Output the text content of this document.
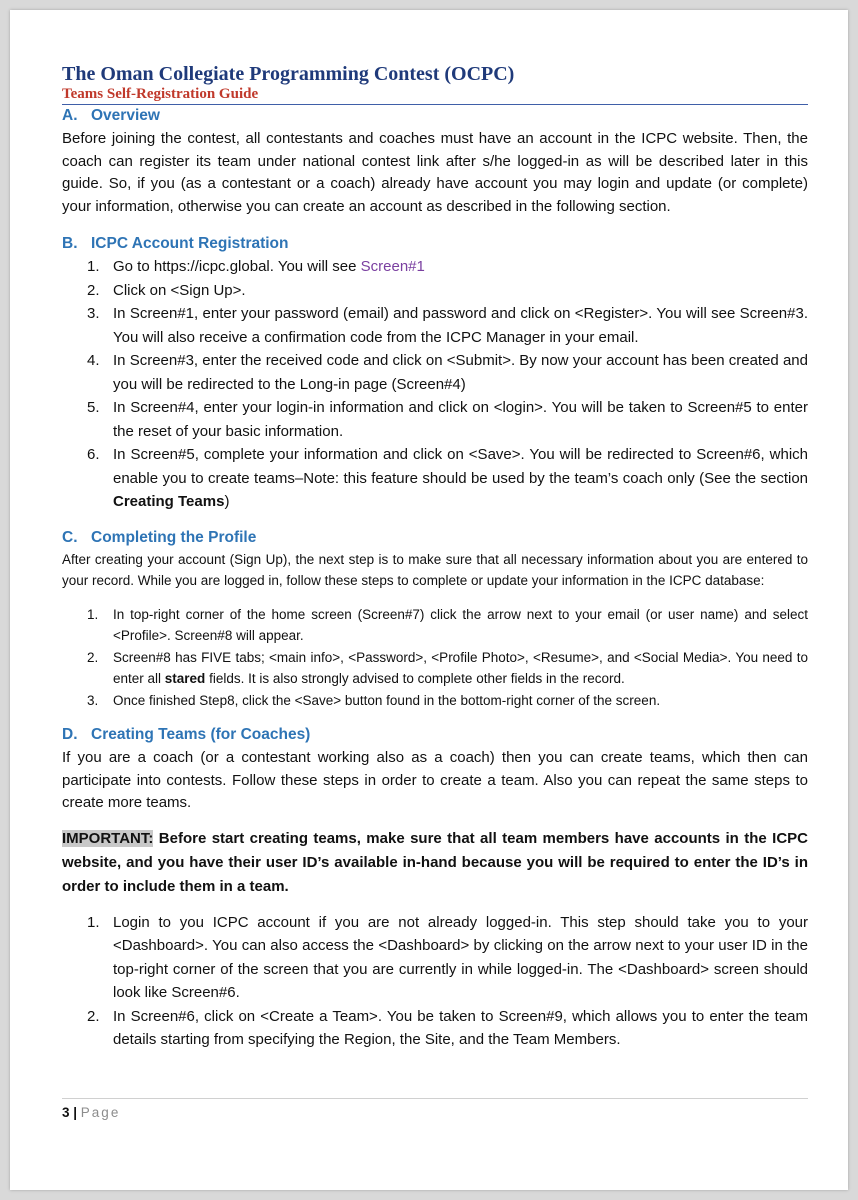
The Oman Collegiate Programming Contest (OCPC)
Teams Self-Registration Guide
A. Overview

Before joining the contest, all contestants and coaches must have an account in the ICPC website. Then, the coach can register its team under national contest link after s/he logged-in as will be described later in this guide. So, if you (as a contestant or a coach) already have account you may login and update (or complete) your information, otherwise you can create an account as described in the following section.

B. ICPC Account Registration
1. Go to https://icpc.global. You will see Screen#1
2. Click on <Sign Up>.
3. In Screen#1, enter your password (email) and password and click on <Register>. You will see Screen#3. You will also receive a confirmation code from the ICPC Manager in your email.
4. In Screen#3, enter the received code and click on <Submit>. By now your account has been created and you will be redirected to the Long-in page (Screen#4)
5. In Screen#4, enter your login-in information and click on <login>. You will be taken to Screen#5 to enter the reset of your basic information.
6. In Screen#5, complete your information and click on <Save>. You will be redirected to Screen#6, which enable you to create teams–Note: this feature should be used by the team’s coach only (See the section Creating Teams)
C. Completing the Profile

After creating your account (Sign Up), the next step is to make sure that all necessary information about you are entered to your record. While you are logged in, follow these steps to complete or update your information in the ICPC database:

1. In top-right corner of the home screen (Screen#7) click the arrow next to your email (or user name) and select <Profile>. Screen#8 will appear.
2. Screen#8 has FIVE tabs; <main info>, <Password>, <Profile Photo>, <Resume>, and <Social Media>. You need to enter all stared fields. It is also strongly advised to complete other fields in the record.
3. Once finished Step8, click the <Save> button found in the bottom-right corner of the screen.
D. Creating Teams (for Coaches)

If you are a coach (or a contestant working also as a coach) then you can create teams, which then can participate into contests. Follow these steps in order to create a team. Also you can repeat the same steps to create more teams.

IMPORTANT: Before start creating teams, make sure that all team members have accounts in the ICPC website, and you have their user ID’s available in-hand because you will be required to enter the ID’s in order to include them in a team.

1. Login to you ICPC account if you are not already logged-in. This step should take you to your <Dashboard>. You can also access the <Dashboard> by clicking on the arrow next to your user ID in the top-right corner of the screen that you are currently in while logged-in. The <Dashboard> screen should look like Screen#6.
2. In Screen#6, click on <Create a Team>. You be taken to Screen#9, which allows you to enter the team details starting from specifying the Region, the Site, and the Team Members.
3 | Page
